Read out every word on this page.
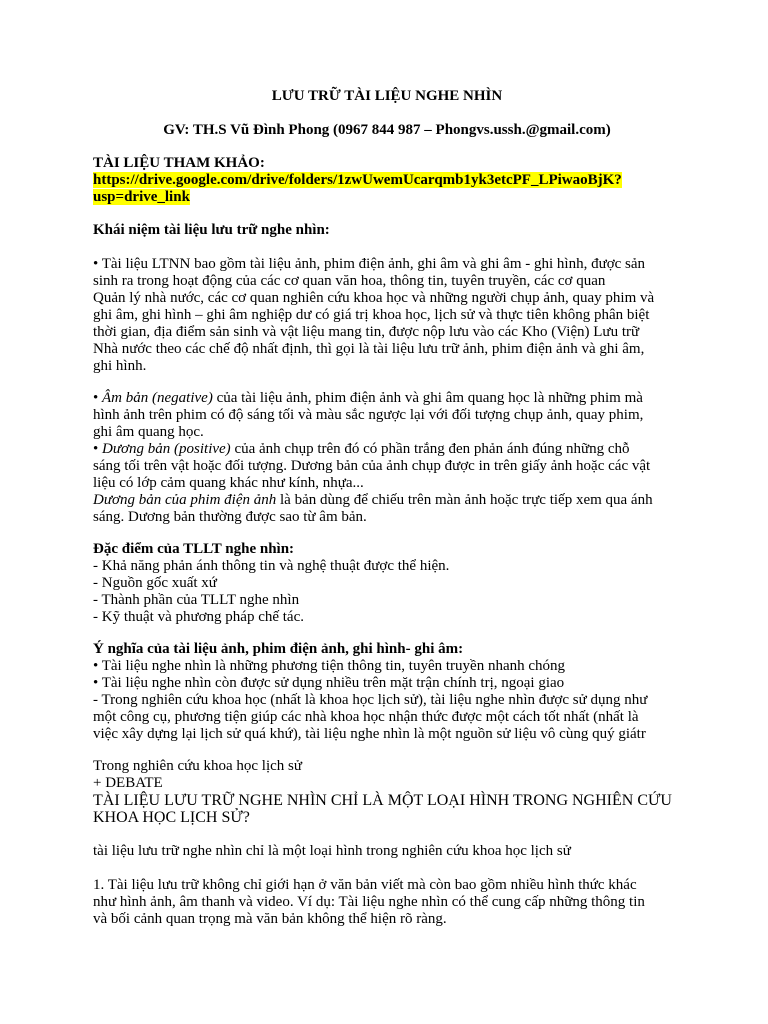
LƯU TRỮ TÀI LIỆU NGHE NHÌN

GV: TH.S Vũ Đình Phong (0967 844 987 – Phongvs.ussh.@gmail.com)

TÀI LIỆU THAM KHẢO:

https://drive.google.com/drive/folders/1zwUwemUcarqmb1yk3etcPF_LPiwaoBjK?

usp=drive_link

Khái niệm tài liệu lưu trữ nghe nhìn:

• Tài liệu LTNN bao gồm tài liệu ảnh, phim điện ảnh, ghi âm và ghi âm - ghi hình, được sản

sinh ra trong hoạt động của các cơ quan văn hoa, thông tin, tuyên truyền, các cơ quan

Quản lý nhà nước, các cơ quan nghiên cứu khoa học và những người chụp ảnh, quay phim và

ghi âm, ghi hình – ghi âm nghiệp dư có giá trị khoa học, lịch sử và thực tiên không phân biệt

thời gian, địa điểm sản sinh và vật liệu mang tin, được nộp lưu vào các Kho (Viện) Lưu trữ

Nhà nước theo các chế độ nhất định, thì gọi là tài liệu lưu trữ ảnh, phim điện ảnh và ghi âm,

ghi hình.

• Âm bản (negative) của tài liệu ảnh, phim điện ảnh và ghi âm quang học là những phim mà

hình ảnh trên phim có độ sáng tối và màu sắc ngược lại với đối tượng chụp ảnh, quay phim,

ghi âm quang học.

• Dương bản (positive) của ảnh chụp trên đó có phần trắng đen phản ánh đúng những chỗ

sáng tối trên vật hoặc đối tượng. Dương bản của ảnh chụp được in trên giấy ảnh hoặc các vật

liệu có lớp cảm quang khác như kính, nhựa...

Dương bản của phim điện ảnh là bản dùng để chiếu trên màn ảnh hoặc trực tiếp xem qua ánh

sáng. Dương bản thường được sao từ âm bản.

Đặc điểm của TLLT nghe nhìn:

- Khả năng phản ánh thông tin và nghệ thuật được thể hiện.

- Nguồn gốc xuất xứ

- Thành phần của TLLT nghe nhìn

- Kỹ thuật và phương pháp chế tác.

Ý nghĩa của tài liệu ảnh, phim điện ảnh, ghi hình- ghi âm:

• Tài liệu nghe nhìn là những phương tiện thông tin, tuyên truyền nhanh chóng

• Tài liệu nghe nhìn còn được sử dụng nhiều trên mặt trận chính trị, ngoại giao

- Trong nghiên cứu khoa học (nhất là khoa học lịch sử), tài liệu nghe nhìn được sử dụng như

một công cụ, phương tiện giúp các nhà khoa học nhận thức được một cách tốt nhất (nhất là

việc xây dựng lại lịch sử quá khứ), tài liệu nghe nhìn là một nguồn sử liệu vô cùng quý giátr

Trong nghiên cứu khoa học lịch sử

+ DEBATE

TÀI LIỆU LƯU TRỮ NGHE NHÌN CHỈ LÀ MỘT LOẠI HÌNH TRONG NGHIÊN CỨU

KHOA HỌC LỊCH SỬ?

tài liệu lưu trữ nghe nhìn chỉ là một loại hình trong nghiên cứu khoa học lịch sử

1. Tài liệu lưu trữ không chỉ giới hạn ở văn bản viết mà còn bao gồm nhiều hình thức khác

như hình ảnh, âm thanh và video. Ví dụ: Tài liệu nghe nhìn có thể cung cấp những thông tin

và bối cảnh quan trọng mà văn bản không thể hiện rõ ràng.
